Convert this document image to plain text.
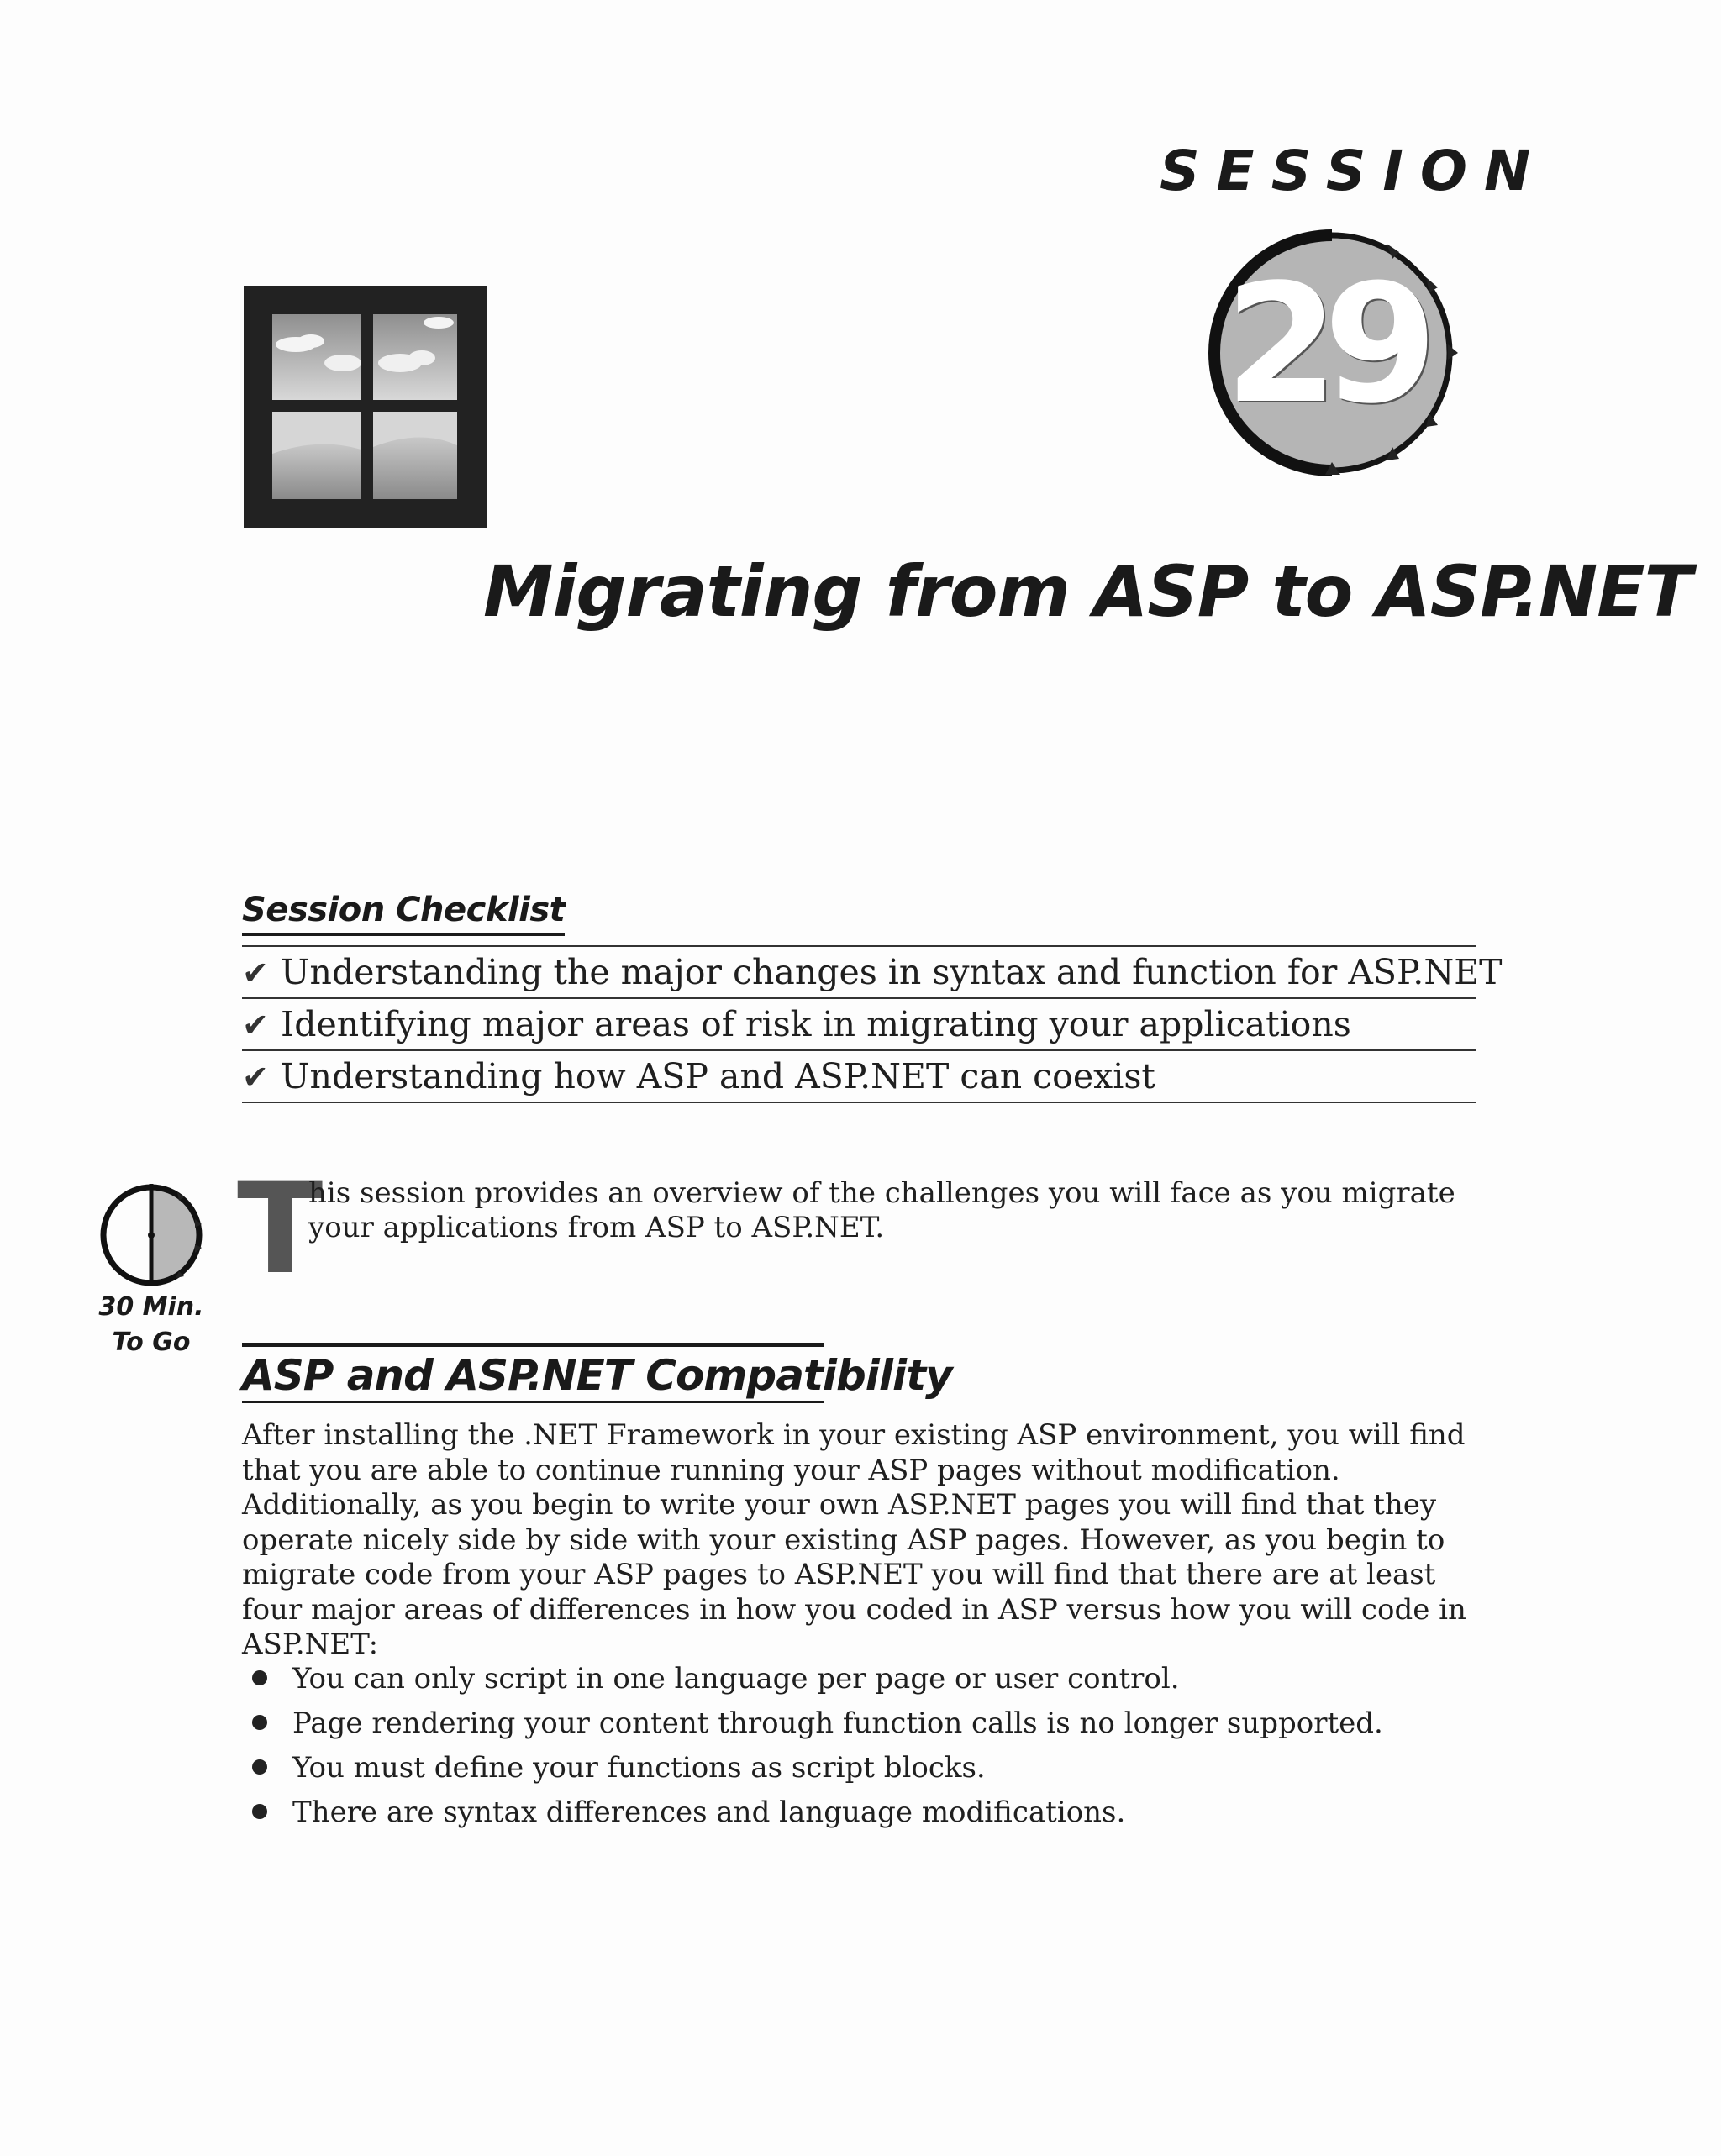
SESSION
29
Migrating from ASP to ASP.NET
Session Checklist
✔ Understanding the major changes in syntax and function for ASP.NET
✔ Identifying major areas of risk in migrating your applications
✔ Understanding how ASP and ASP.NET can coexist
30 Min.
To Go
T
his session provides an overview of the challenges you will face as you migrate your applications from ASP to ASP.NET.
ASP and ASP.NET Compatibility
After installing the .NET Framework in your existing ASP environment, you will find that you are able to continue running your ASP pages without modification. Additionally, as you begin to write your own ASP.NET pages you will find that they operate nicely side by side with your existing ASP pages. However, as you begin to migrate code from your ASP pages to ASP.NET you will find that there are at least four major areas of differences in how you coded in ASP versus how you will code in ASP.NET:
You can only script in one language per page or user control.
Page rendering your content through function calls is no longer supported.
You must define your functions as script blocks.
There are syntax differences and language modifications.
